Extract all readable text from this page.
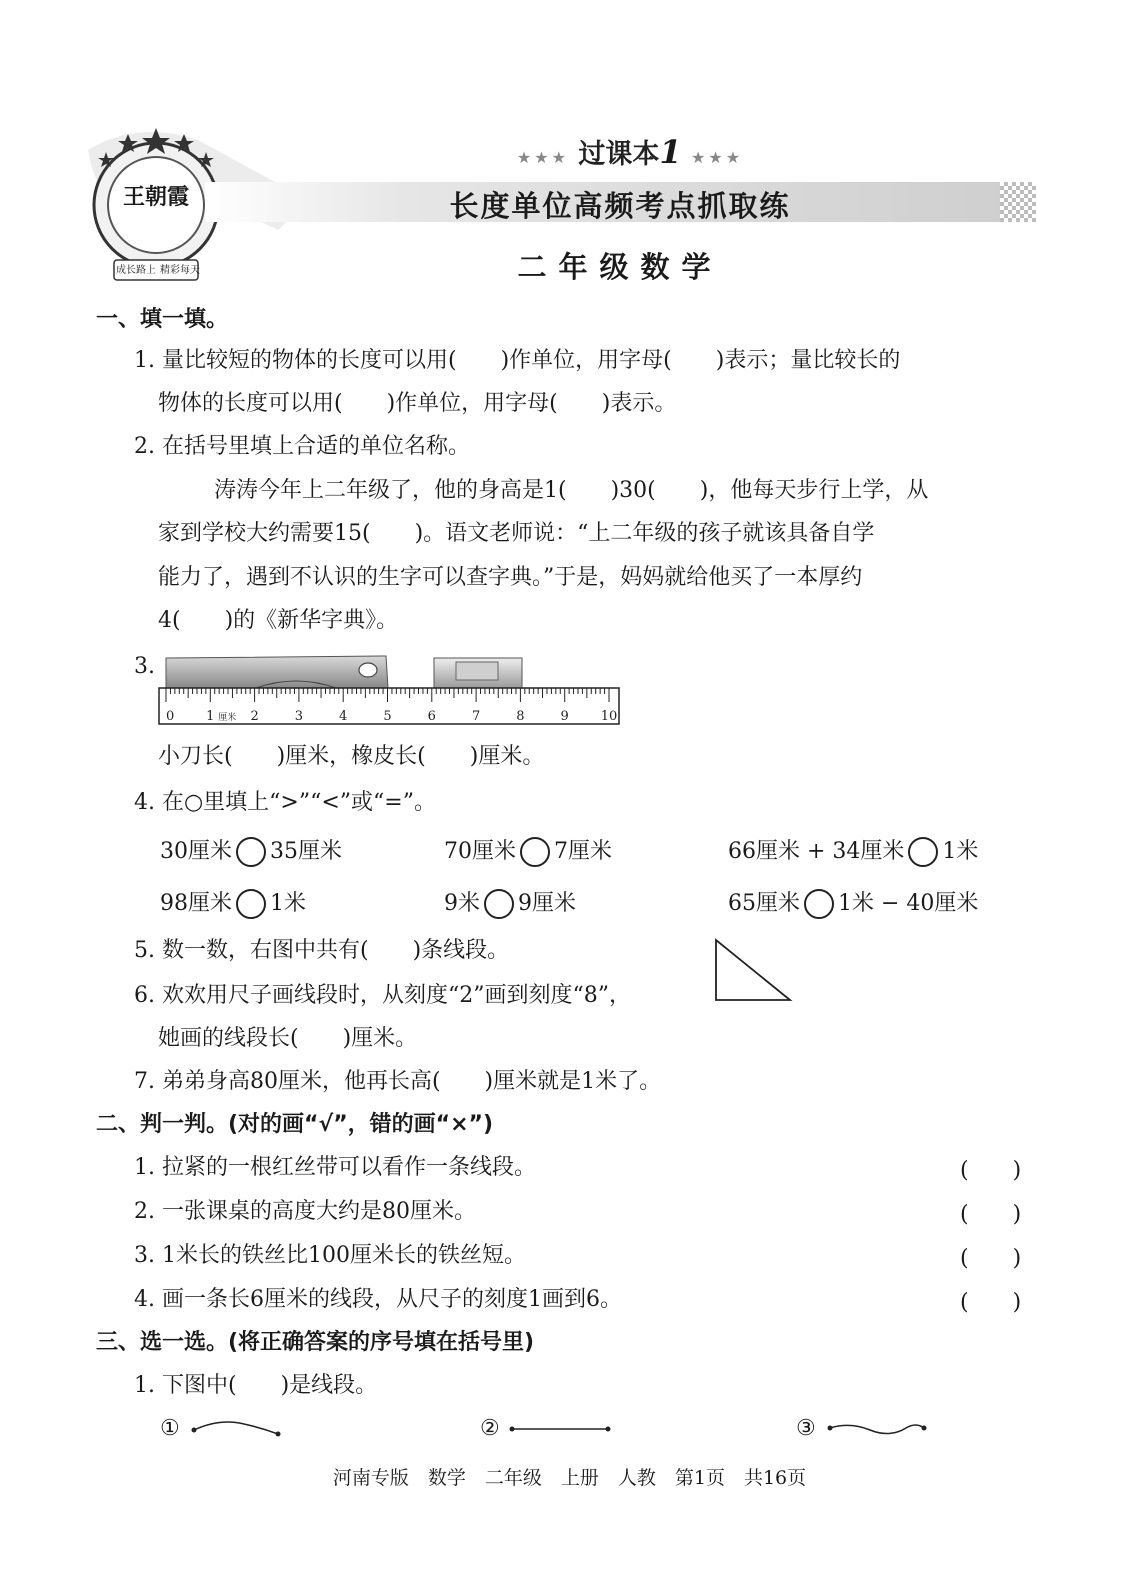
王朝霞
成长路上 精彩每天
★★★ 过课本1 ★★★
长度单位高频考点抓取练
二年级数学
一、填一填。
1. 量比较短的物体的长度可以用(　　)作单位，用字母(　　)表示；量比较长的
物体的长度可以用(　　)作单位，用字母(　　)表示。
2. 在括号里填上合适的单位名称。
涛涛今年上二年级了，他的身高是1(　　)30(　　)，他每天步行上学，从
家到学校大约需要15(　　)。语文老师说：“上二年级的孩子就该具备自学
能力了，遇到不认识的生字可以查字典。”于是，妈妈就给他买了一本厚约
4(　　)的《新华字典》。
3.
0 1	2	3	4	5	6	7	8	9 10
厘米
小刀长(　　)厘米，橡皮长(　　)厘米。
4. 在○里填上“>”“<”或“=”。
30厘米 35厘米	70厘米 7厘米	66厘米 + 34厘米 1米
98厘米 1米	9米 9厘米	65厘米 1米 − 40厘米
5. 数一数，右图中共有(　　)条线段。
6. 欢欢用尺子画线段时，从刻度“2”画到刻度“8”，
她画的线段长(　　)厘米。
7. 弟弟身高80厘米，他再长高(　　)厘米就是1米了。
二、判一判。(对的画“√”，错的画“×”)
1. 拉紧的一根红丝带可以看作一条线段。	(　　)
2. 一张课桌的高度大约是80厘米。	(　　)
3. 1米长的铁丝比100厘米长的铁丝短。	(　　)
4. 画一条长6厘米的线段，从尺子的刻度1画到6。	(　　)
三、选一选。(将正确答案的序号填在括号里)
1. 下图中(　　)是线段。
①	②	③
河南专版　数学　二年级　上册　人教　第1页　共16页
